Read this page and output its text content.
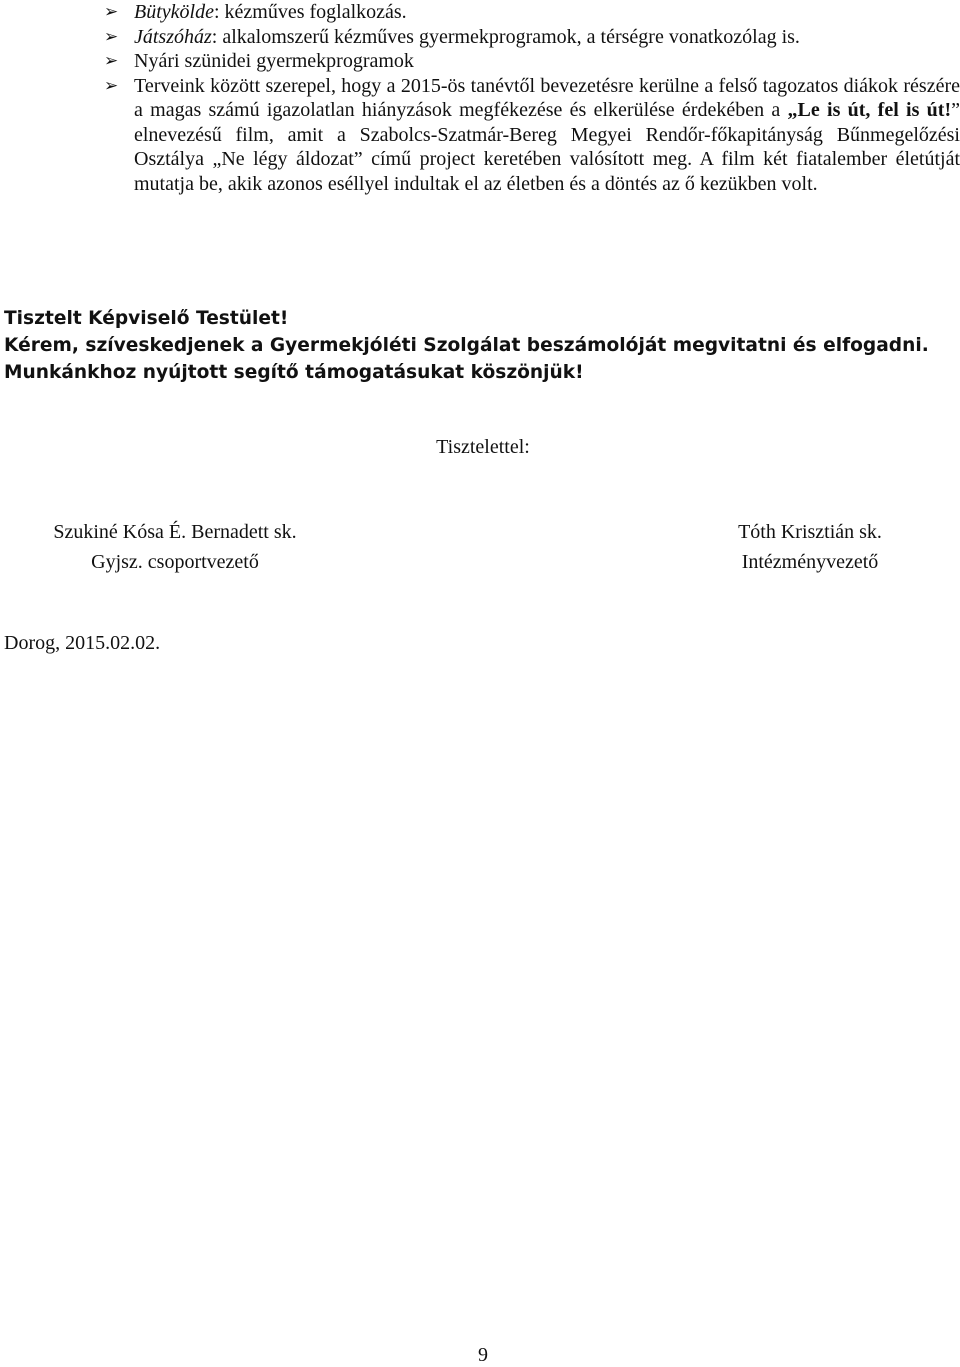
➢ Bütyköld​e: kézműves foglalkozás.

➢ Játszóház: alkalomszerű kézműves gyermekprogramok, a térségre vonatkozólag is.

➢ Nyári szünidei gyermekprogramok

➢ Terveink között szerepel, hogy a 2015-ös tanévtől bevezetésre kerülne a felső tagozatos diákok részére a magas számú igazolatlan hiányzások megfékezése és elkerülése érdekében a „Le is út, fel is út!” elnevezésű film, amit a Szabolcs-Szatmár-Bereg Megyei Rendőr-főkapitányság Bűnmegelőzési Osztálya „Ne légy áldozat” című project keretében valósított meg. A film két fiatalember életútját mutatja be, akik azonos eséllyel indultak el az életben és a döntés az ő kezükben volt.

Tisztelt Képviselő Testület!
Kérem, szíveskedjenek a Gyermekjóléti Szolgálat beszámolóját megvitatni és elfogadni.
Munkánkhoz nyújtott segítő támogatásukat köszönjük!
Tisztelettel:
Szukiné Kósa É. Bernadett sk.
Gyjsz. csoportvezető
Tóth Krisztián sk.
Intézményvezető
Dorog, 2015.02.02.
9
